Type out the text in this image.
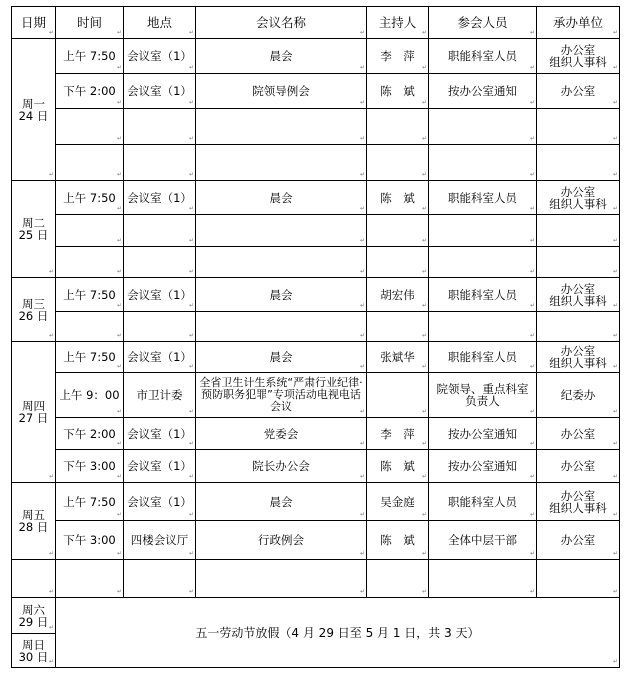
日期 ↵	时间 ↵	地点 ↵	会议名称 ↵	主持人 ↵	参会人员 ↵	承办单位 ↵
周一
24 日 ↵	上午 7:50 ↵	会议室（1） ↵	晨会 ↵	李　萍 ↵	职能科室人员 ↵	办公室
组织人事科 ↵
	下午 2:00 ↵	会议室（1） ↵	院领导例会 ↵	陈　斌 ↵	按办公室通知 ↵	办公室 ↵
↵	↵	↵	↵	↵	↵
↵	↵	↵	↵	↵	↵
周二
25 日 ↵	上午 7:50 ↵	会议室（1） ↵	晨会 ↵	陈　斌 ↵	职能科室人员 ↵	办公室
组织人事科 ↵
↵	↵	↵	↵	↵	↵
↵	↵	↵	↵	↵	↵
周三
26 日 ↵	上午 7:50 ↵	会议室（1） ↵	晨会 ↵	胡宏伟 ↵	职能科室人员 ↵	办公室
组织人事科 ↵
↵	↵	↵	↵	↵	↵
周四
27 日 ↵	上午 7:50 ↵	会议室（1） ↵	晨会 ↵	张斌华 ↵	职能科室人员 ↵	办公室
组织人事科 ↵
	上午 9：00 ↵	市卫计委 ↵	全省卫生计生系统“严肃行业纪律·预防职务犯罪”专项活动电视电话会议 ↵	↵	院领导、重点科室负责人 ↵	纪委办 ↵
	下午 2:00 ↵	会议室（1） ↵	党委会 ↵	李　萍 ↵	按办公室通知 ↵	办公室 ↵
	下午 3:00 ↵	会议室（1） ↵	院长办公会 ↵	陈　斌 ↵	按办公室通知 ↵	办公室 ↵
周五
28 日 ↵	上午 7:50 ↵	会议室（1） ↵	晨会 ↵	吴金庭 ↵	职能科室人员 ↵	办公室
组织人事科 ↵
	下午 3:00 ↵	四楼会议厅 ↵	行政例会 ↵	陈　斌 ↵	全体中层干部 ↵	办公室 ↵
↵	↵	↵	↵	↵	↵	↵
周六
29 日 ↵	五一劳动节放假（4 月 29 日至 5 月 1 日，共 3 天） ↵
周日
30 日 ↵
